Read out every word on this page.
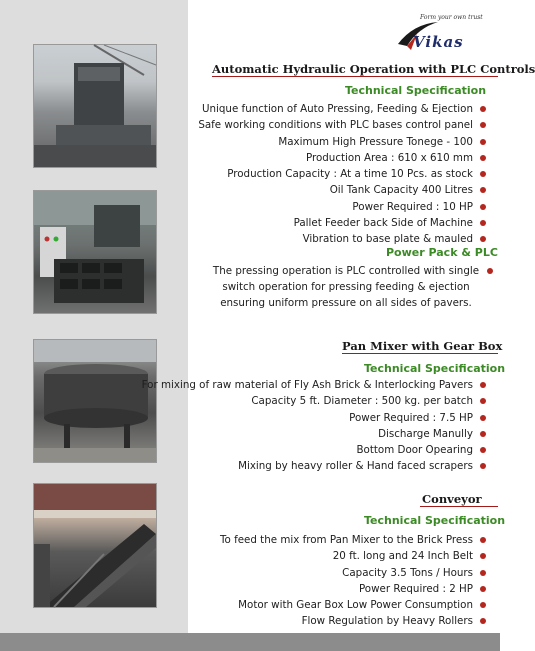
Form your own trust
Vikas
Automatic Hydraulic Operation with PLC Controls
Technical Specification
Unique function of Auto Pressing, Feeding & Ejection
Safe working conditions with PLC bases control panel
Maximum High Pressure Tonege - 100
Production Area : 610 x 610 mm
Production Capacity : At a time 10 Pcs. as stock
Oil Tank Capacity 400 Litres
Power Required : 10 HP
Pallet Feeder back Side of Machine
Vibration to base plate & mauled
Power Pack & PLC
The pressing operation is PLC controlled with single switch operation for pressing feeding & ejection ensuring uniform pressure on all sides of pavers.
Pan Mixer with Gear Box
Technical Specification
For mixing of raw material of Fly Ash Brick & Interlocking Pavers
Capacity 5 ft. Diameter : 500 kg. per batch
Power Required : 7.5 HP
Discharge Manully
Bottom Door Opearing
Mixing by heavy roller & Hand faced scrapers
Conveyor
Technical Specification
To feed the mix from Pan Mixer to the Brick Press
20 ft. long and 24 Inch Belt
Capacity 3.5 Tons / Hours
Power Required : 2 HP
Motor with Gear Box Low Power Consumption
Flow Regulation by Heavy Rollers
